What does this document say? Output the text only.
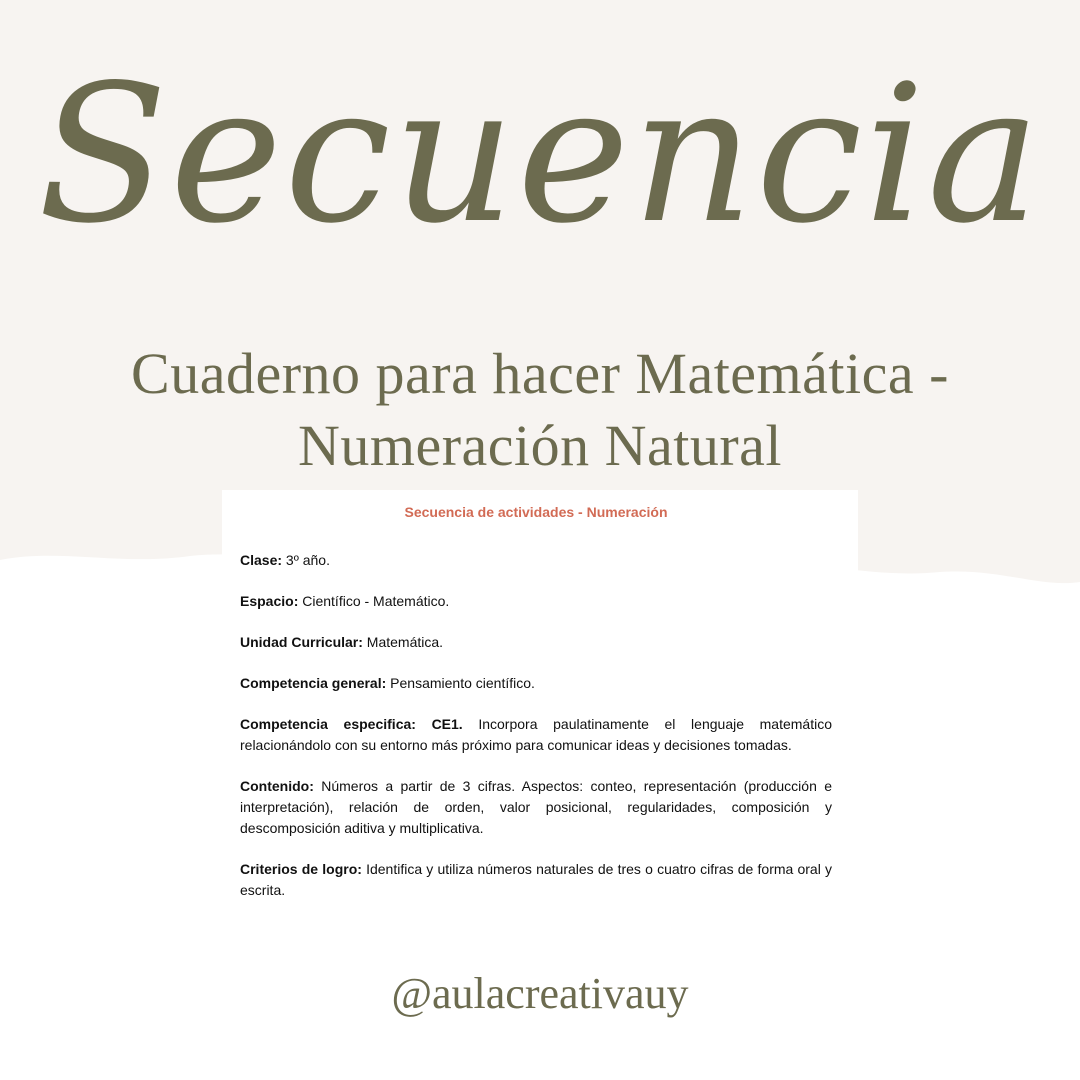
Secuencia
Cuaderno para hacer Matemática -
Numeración Natural
Secuencia de actividades - Numeración

Clase: 3º año.

Espacio: Científico - Matemático.

Unidad Curricular: Matemática.

Competencia general: Pensamiento científico.

Competencia especifica: CE1. Incorpora paulatinamente el lenguaje matemático relacionándolo con su entorno más próximo para comunicar ideas y decisiones tomadas.

Contenido: Números a partir de 3 cifras. Aspectos: conteo, representación (producción e interpretación), relación de orden, valor posicional, regularidades, composición y descomposición aditiva y multiplicativa.

Criterios de logro: Identifica y utiliza números naturales de tres o cuatro cifras de forma oral y escrita.

@aulacreativauy
